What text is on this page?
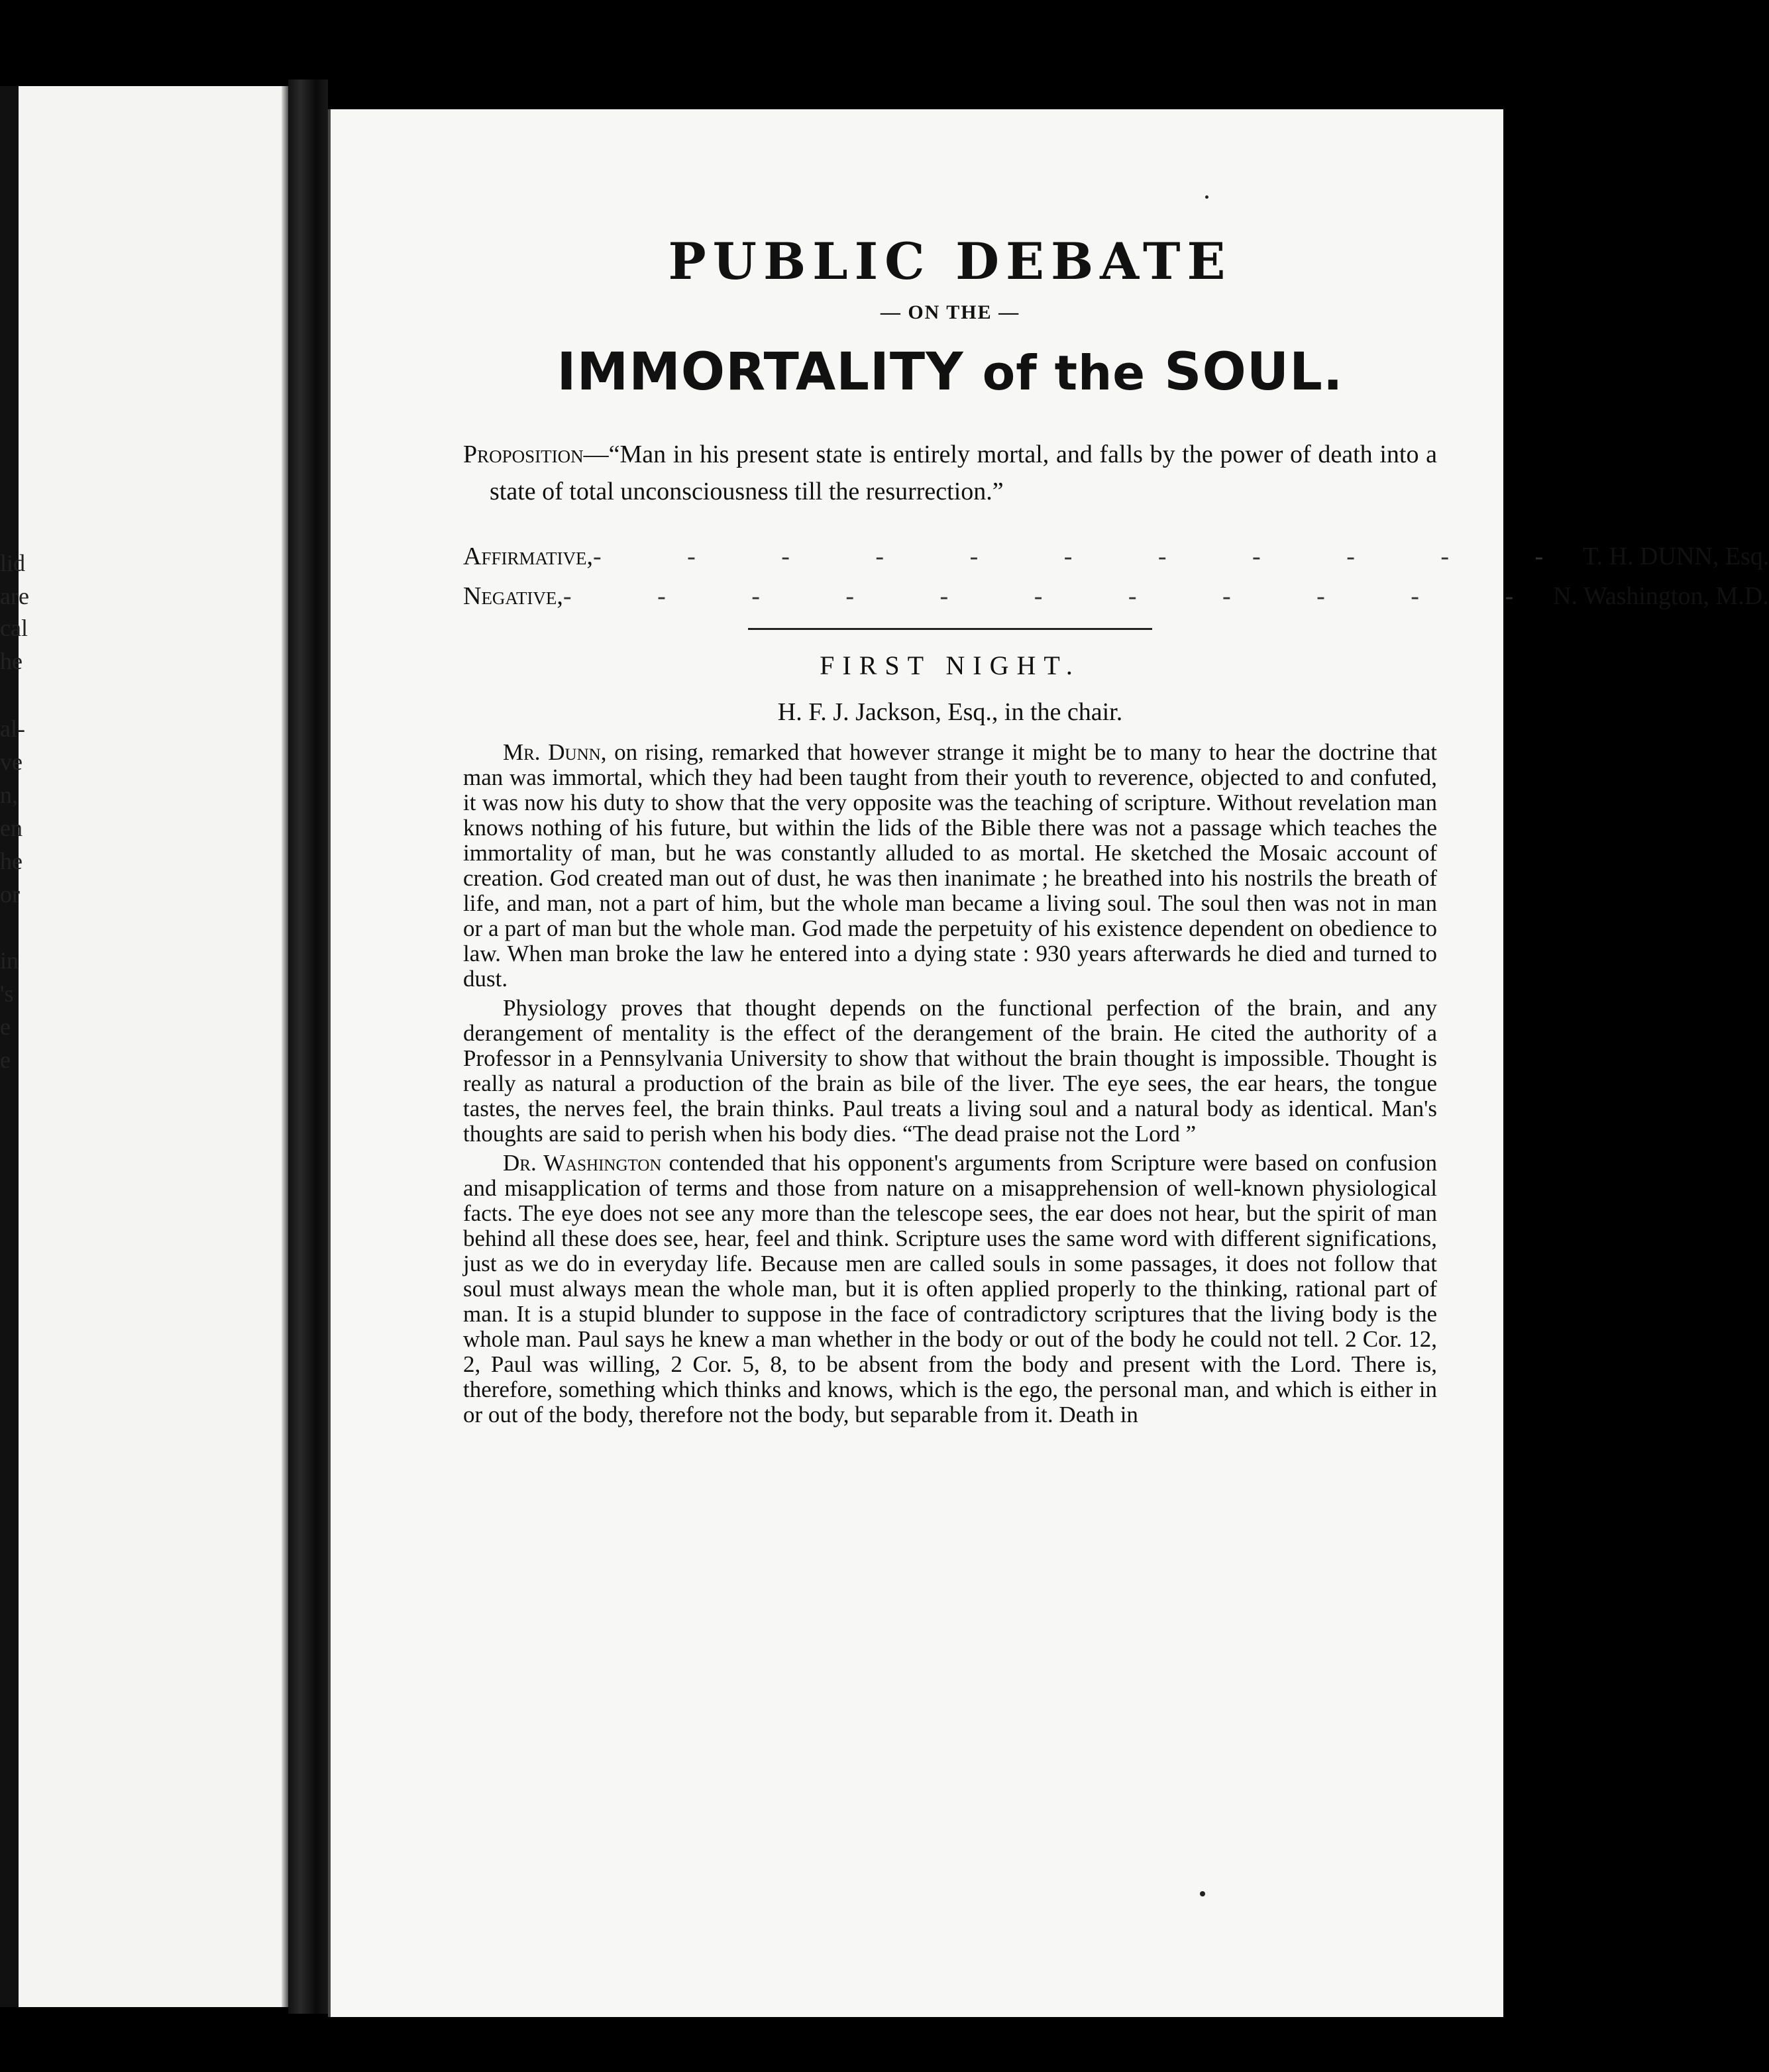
lid
are
cal
he
al-
ve
n,
en
he
or
in
's
e
e
PUBLIC DEBATE
— ON THE —
IMMORTALITY of the SOUL.

Proposition—“Man in his present state is entirely mortal, and falls by the power of death into a state of total unconsciousness till the resurrection.”

Affirmative, - - - - - - - - - - - T. H. DUNN, Esq.
Negative, - - - - - - - - - - - N. Washington, M.D.
FIRST NIGHT.
H. F. J. Jackson, Esq., in the chair.

Mr. Dunn, on rising, remarked that however strange it might be to many to hear the doctrine that man was immortal, which they had been taught from their youth to reverence, objected to and confuted, it was now his duty to show that the very opposite was the teaching of scripture. Without revelation man knows nothing of his future, but within the lids of the Bible there was not a passage which teaches the immortality of man, but he was constantly alluded to as mortal. He sketched the Mosaic account of creation. God created man out of dust, he was then inanimate ; he breathed into his nostrils the breath of life, and man, not a part of him, but the whole man became a living soul. The soul then was not in man or a part of man but the whole man. God made the perpetuity of his existence dependent on obedience to law. When man broke the law he entered into a dying state : 930 years afterwards he died and turned to dust.

Physiology proves that thought depends on the functional perfection of the brain, and any derangement of mentality is the effect of the derangement of the brain. He cited the authority of a Professor in a Pennsylvania University to show that without the brain thought is impossible. Thought is really as natural a production of the brain as bile of the liver. The eye sees, the ear hears, the tongue tastes, the nerves feel, the brain thinks. Paul treats a living soul and a natural body as identical. Man's thoughts are said to perish when his body dies. “The dead praise not the Lord ”

Dr. Washington contended that his opponent's arguments from Scripture were based on confusion and misapplication of terms and those from nature on a misapprehension of well-known physiological facts. The eye does not see any more than the telescope sees, the ear does not hear, but the spirit of man behind all these does see, hear, feel and think. Scripture uses the same word with different significations, just as we do in everyday life. Because men are called souls in some passages, it does not follow that soul must always mean the whole man, but it is often applied properly to the thinking, rational part of man. It is a stupid blunder to suppose in the face of contradictory scriptures that the living body is the whole man. Paul says he knew a man whether in the body or out of the body he could not tell. 2 Cor. 12, 2, Paul was willing, 2 Cor. 5, 8, to be absent from the body and present with the Lord. There is, therefore, something which thinks and knows, which is the ego, the personal man, and which is either in or out of the body, therefore not the body, but separable from it. Death in
